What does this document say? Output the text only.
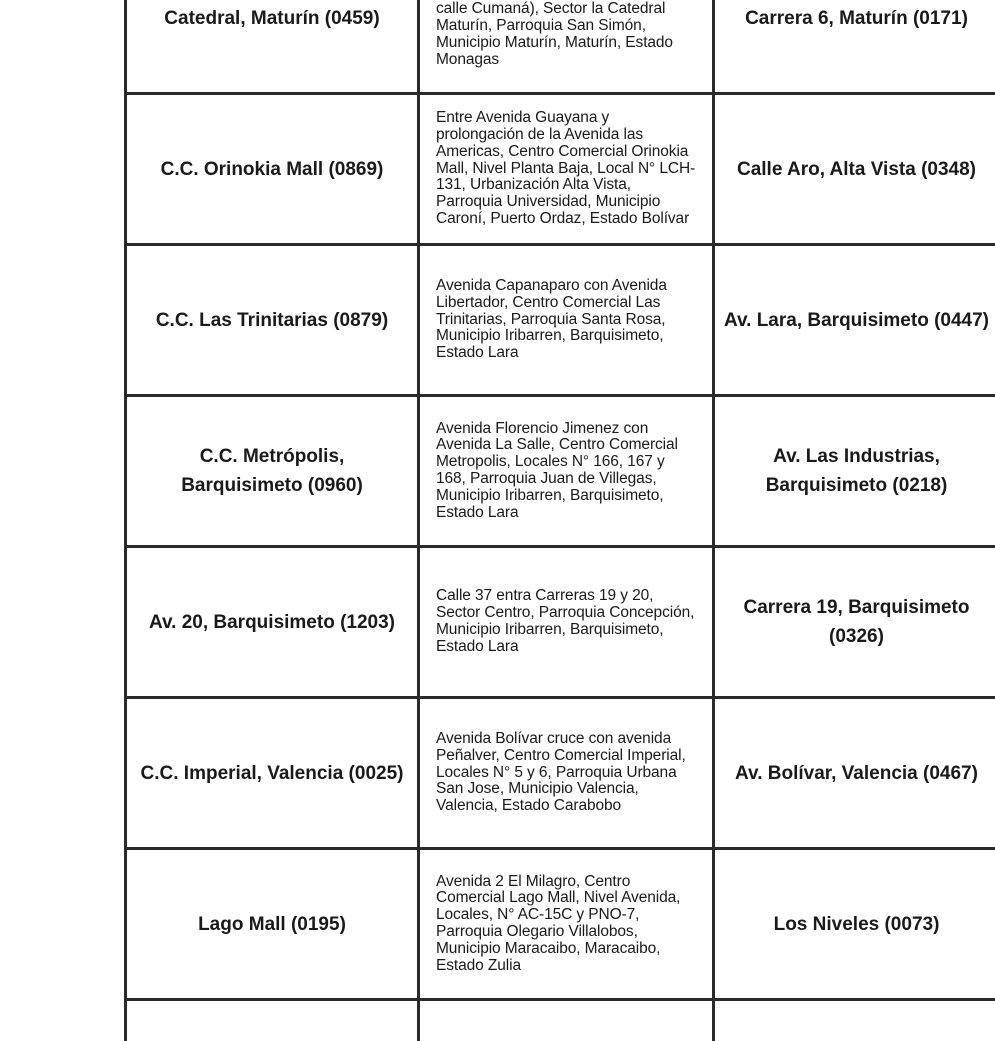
Catedral, Maturín (0459)	calle Cumaná), Sector la Catedral Maturín, Parroquia San Simón, Municipio Maturín, Maturín, Estado Monagas
Carrera 6, Maturín (0171)
C.C. Orinokia Mall (0869)
Entre Avenida Guayana y prolongación de la Avenida las Americas, Centro Comercial Orinokia Mall, Nivel Planta Baja, Local N° LCH-131, Urbanización Alta Vista, Parroquia Universidad, Municipio Caroní, Puerto Ordaz, Estado Bolívar
Calle Aro, Alta Vista (0348)
C.C. Las Trinitarias (0879)
Avenida Capanaparo con Avenida Libertador, Centro Comercial Las Trinitarias, Parroquia Santa Rosa, Municipio Iribarren, Barquisimeto, Estado Lara
Av. Lara, Barquisimeto (0447)
C.C. Metrópolis, Barquisimeto (0960)
Avenida Florencio Jimenez con Avenida La Salle, Centro Comercial Metropolis, Locales N° 166, 167 y 168, Parroquia Juan de Villegas, Municipio Iribarren, Barquisimeto, Estado Lara
Av. Las Industrias, Barquisimeto (0218)
Av. 20, Barquisimeto (1203)
Calle 37 entra Carreras 19 y 20, Sector Centro, Parroquia Concepción, Municipio Iribarren, Barquisimeto, Estado Lara
Carrera 19, Barquisimeto (0326)
C.C. Imperial, Valencia (0025)
Avenida Bolívar cruce con avenida Peñalver, Centro Comercial Imperial, Locales N° 5 y 6, Parroquia Urbana San Jose, Municipio Valencia, Valencia, Estado Carabobo
Av. Bolívar, Valencia (0467)
Lago Mall (0195)
Avenida 2 El Milagro, Centro Comercial Lago Mall, Nivel Avenida, Locales, N° AC-15C y PNO-7, Parroquia Olegario Villalobos, Municipio Maracaibo, Maracaibo, Estado Zulia
Los Niveles (0073)
